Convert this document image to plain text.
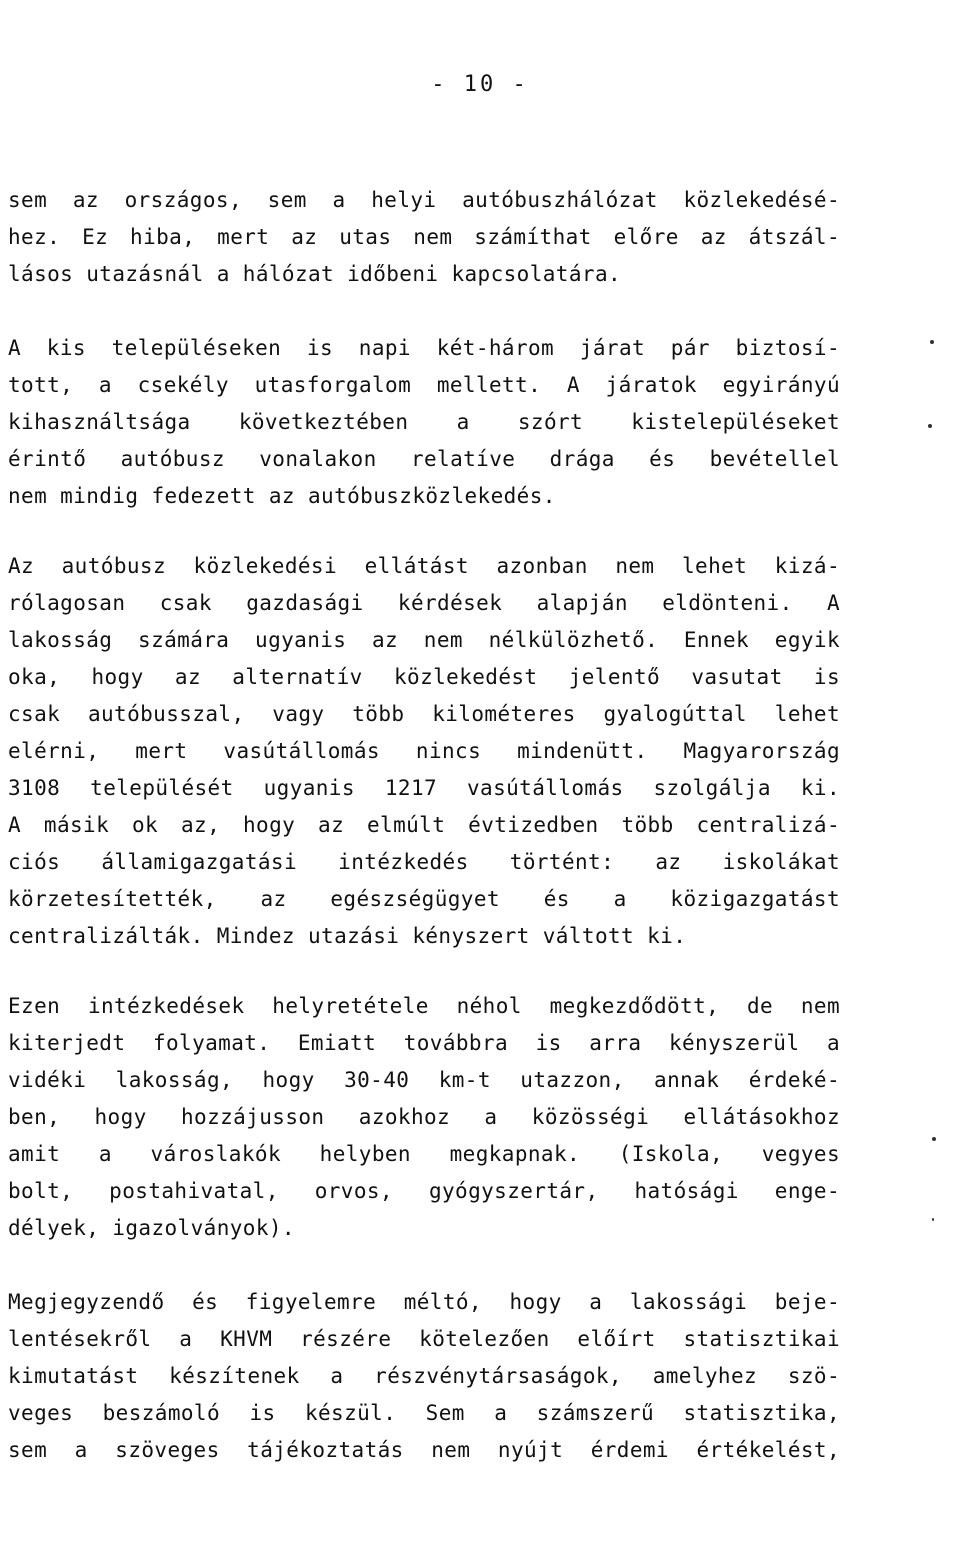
- 10 -
sem az országos, sem a helyi autóbuszhálózat közlekedésé-
hez. Ez hiba, mert az utas nem számíthat előre az átszál-
lásos utazásnál a hálózat időbeni kapcsolatára.
A kis településeken is napi két-három járat pár biztosí-
tott, a csekély utasforgalom mellett. A járatok egyirányú
kihasználtsága következtében a szórt kistelepüléseket
érintő autóbusz vonalakon relatíve drága és bevétellel
nem mindig fedezett az autóbuszközlekedés.
Az autóbusz közlekedési ellátást azonban nem lehet kizá-
rólagosan csak gazdasági kérdések alapján eldönteni. A
lakosság számára ugyanis az nem nélkülözhető. Ennek egyik
oka, hogy az alternatív közlekedést jelentő vasutat is
csak autóbusszal, vagy több kilométeres gyalogúttal lehet
elérni, mert vasútállomás nincs mindenütt. Magyarország
3108 települését ugyanis 1217 vasútállomás szolgálja ki.
A másik ok az, hogy az elmúlt évtizedben több centralizá-
ciós államigazgatási intézkedés történt: az iskolákat
körzetesítették, az egészségügyet és a közigazgatást
centralizálták. Mindez utazási kényszert váltott ki.
Ezen intézkedések helyretétele néhol megkezdődött, de nem
kiterjedt folyamat. Emiatt továbbra is arra kényszerül a
vidéki lakosság, hogy 30-40 km-t utazzon, annak érdeké-
ben, hogy hozzájusson azokhoz a közösségi ellátásokhoz
amit a városlakók helyben megkapnak. (Iskola, vegyes
bolt, postahivatal, orvos, gyógyszertár, hatósági enge-
délyek, igazolványok).
Megjegyzendő és figyelemre méltó, hogy a lakossági beje-
lentésekről a KHVM részére kötelezően előírt statisztikai
kimutatást készítenek a részvénytársaságok, amelyhez szö-
veges beszámoló is készül. Sem a számszerű statisztika,
sem a szöveges tájékoztatás nem nyújt érdemi értékelést,
